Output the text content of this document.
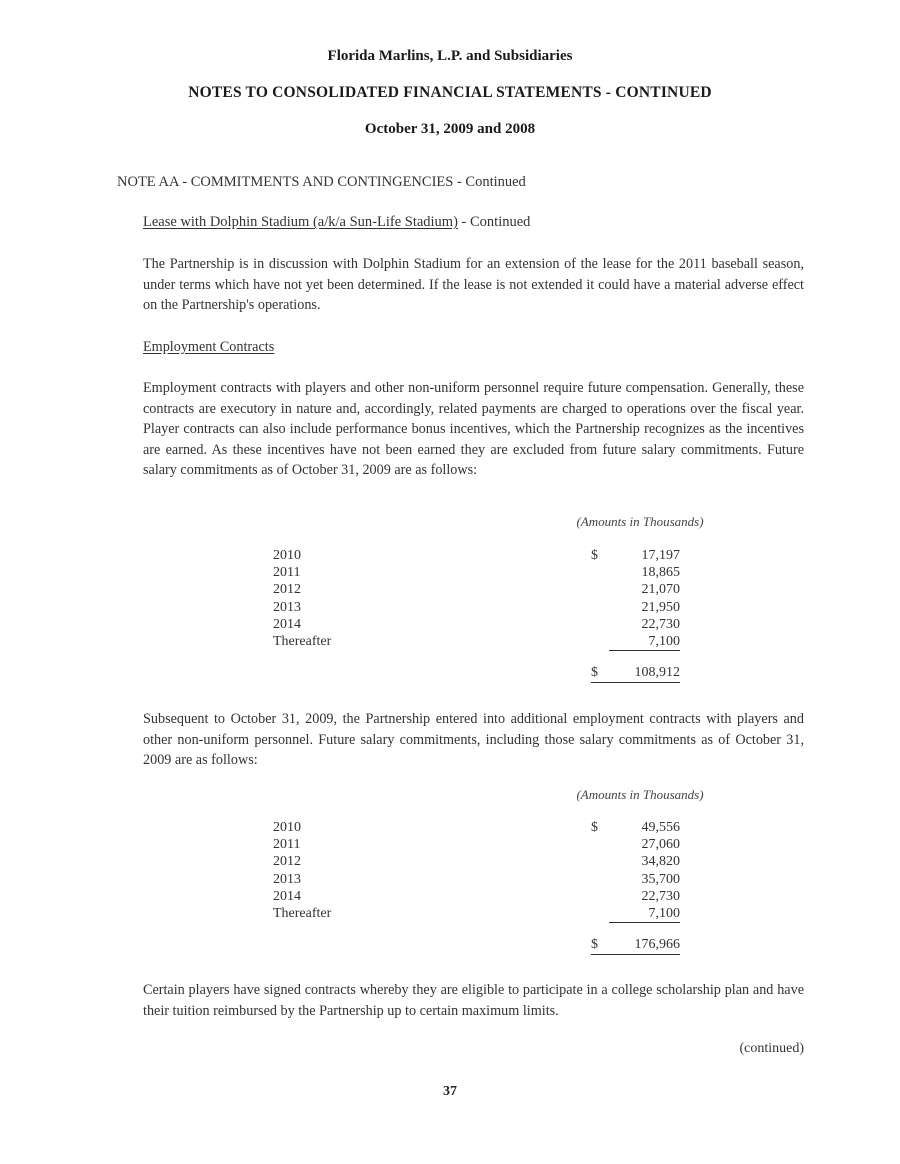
Florida Marlins, L.P. and Subsidiaries
NOTES TO CONSOLIDATED FINANCIAL STATEMENTS - CONTINUED
October 31, 2009 and 2008
NOTE AA - COMMITMENTS AND CONTINGENCIES - Continued
Lease with Dolphin Stadium (a/k/a Sun-Life Stadium) - Continued
The Partnership is in discussion with Dolphin Stadium for an extension of the lease for the 2011 baseball season, under terms which have not yet been determined. If the lease is not extended it could have a material adverse effect on the Partnership's operations.
Employment Contracts
Employment contracts with players and other non-uniform personnel require future compensation. Generally, these contracts are executory in nature and, accordingly, related payments are charged to operations over the fiscal year. Player contracts can also include performance bonus incentives, which the Partnership recognizes as the incentives are earned. As these incentives have not been earned they are excluded from future salary commitments. Future salary commitments as of October 31, 2009 are as follows:
(Amounts in Thousands)
2010	$	17,197
2011	18,865
2012	21,070
2013	21,950
2014	22,730
Thereafter	7,100
$	108,912
Subsequent to October 31, 2009, the Partnership entered into additional employment contracts with players and other non-uniform personnel. Future salary commitments, including those salary commitments as of October 31, 2009 are as follows:
(Amounts in Thousands)
2010	$	49,556
2011	27,060
2012	34,820
2013	35,700
2014	22,730
Thereafter	7,100
$	176,966
Certain players have signed contracts whereby they are eligible to participate in a college scholarship plan and have their tuition reimbursed by the Partnership up to certain maximum limits.
(continued)
37
